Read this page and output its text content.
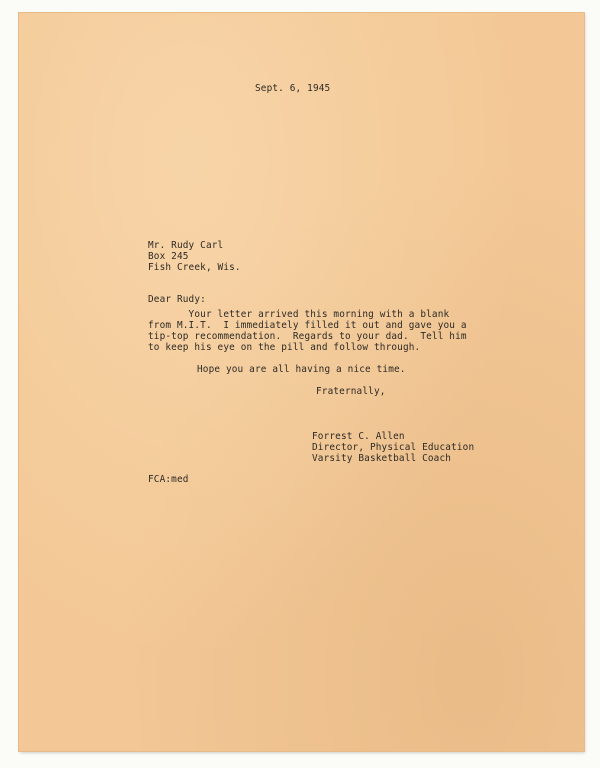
Sept. 6, 1945

Mr. Rudy Carl

Box 245

Fish Creek, Wis.

Dear Rudy:

Your letter arrived this morning with a blank

from M.I.T.  I immediately filled it out and gave you a

tip-top recommendation.  Regards to your dad.  Tell him

to keep his eye on the pill and follow through.

Hope you are all having a nice time.

Fraternally,

Forrest C. Allen

Director, Physical Education

Varsity Basketball Coach

FCA:med
